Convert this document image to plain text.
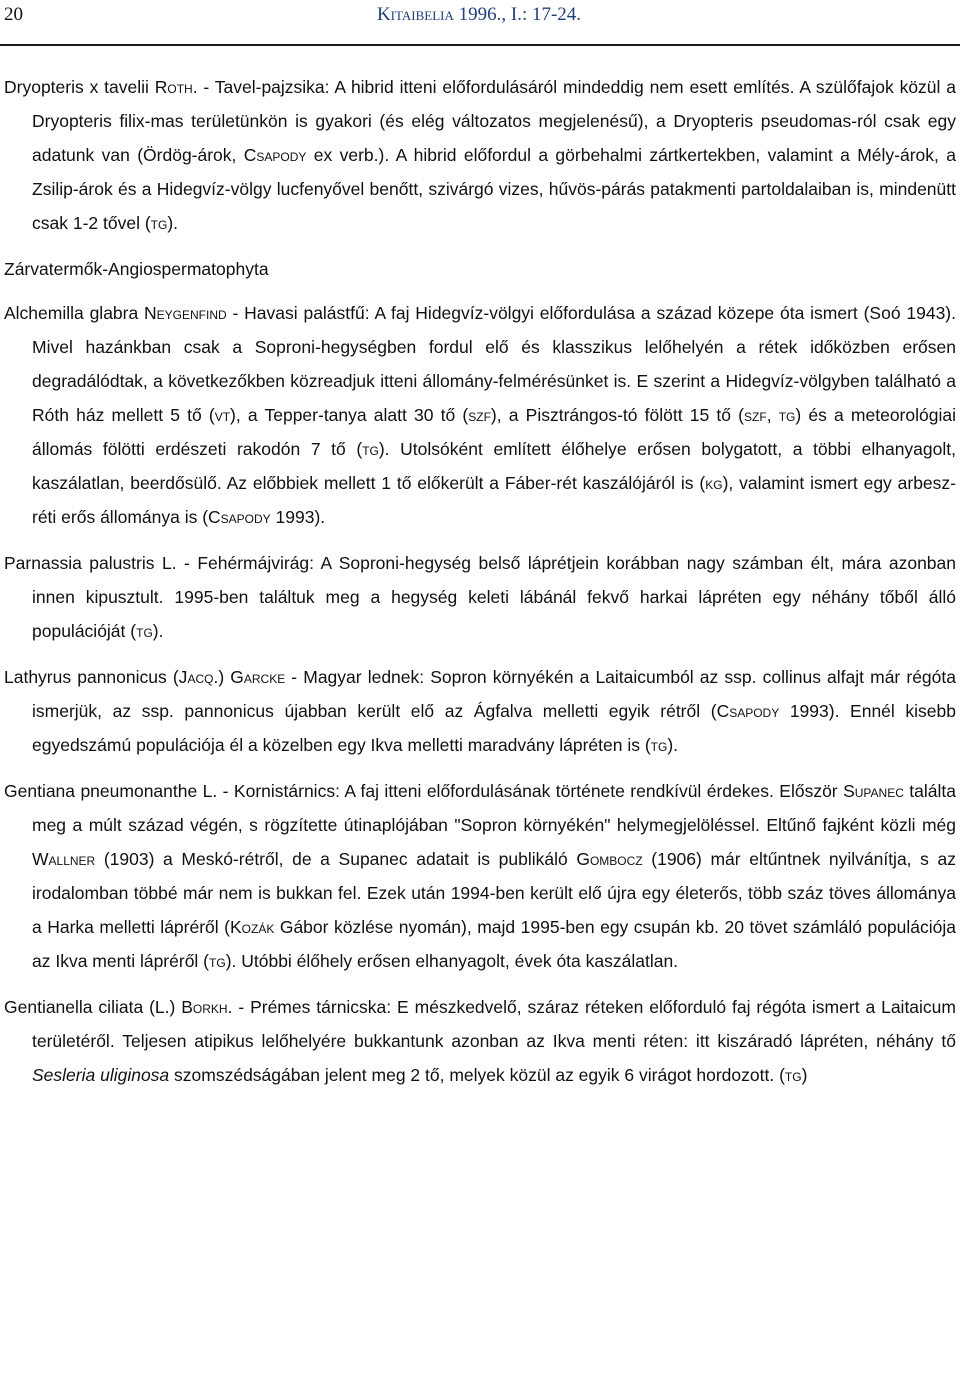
20	Kitaibelia 1996., I.: 17-24.

Dryopteris x tavelii Roth. - Tavel-pajzsika: A hibrid itteni előfordulásáról mindeddig nem esett említés. A szülőfajok közül a Dryopteris filix-mas területünkön is gyakori (és elég változatos megjelenésű), a Dryopteris pseudomas-ról csak egy adatunk van (Ördög-árok, Csapody ex verb.). A hibrid előfordul a görbehalmi zártkertekben, valamint a Mély-árok, a Zsilip-árok és a Hidegvíz-völgy lucfenyővel benőtt, szivárgó vizes, hűvös-párás patakmenti partoldalaiban is, mindenütt csak 1-2 tővel (tg).

Zárvatermők-Angiospermatophyta

Alchemilla glabra Neygenfind - Havasi palástfű: A faj Hidegvíz-völgyi előfordulása a század közepe óta ismert (Soó 1943). Mivel hazánkban csak a Soproni-hegységben fordul elő és klasszikus lelőhelyén a rétek időközben erősen degradálódtak, a következőkben közreadjuk itteni állomány-felmérésünket is. E szerint a Hidegvíz-völgyben található a Róth ház mellett 5 tő (vt), a Tepper-tanya alatt 30 tő (szf), a Pisztrángos-tó fölött 15 tő (szf, tg) és a meteorológiai állomás fölötti erdészeti rakodón 7 tő (tg). Utolsóként említett élőhelye erősen bolygatott, a többi elhanyagolt, kaszálatlan, beerdősülő. Az előbbiek mellett 1 tő előkerült a Fáber-rét kaszálójáról is (kg), valamint ismert egy arbesz-réti erős állománya is (Csapody 1993).

Parnassia palustris L. - Fehérmájvirág: A Soproni-hegység belső láprétjein korábban nagy számban élt, mára azonban innen kipusztult. 1995-ben találtuk meg a hegység keleti lábánál fekvő harkai lápréten egy néhány tőből álló populációját (tg).

Lathyrus pannonicus (Jacq.) Garcke - Magyar lednek: Sopron környékén a Laitaicumból az ssp. collinus alfajt már régóta ismerjük, az ssp. pannonicus újabban került elő az Ágfalva melletti egyik rétről (Csapody 1993). Ennél kisebb egyedszámú populációja él a közelben egy Ikva melletti maradvány lápréten is (tg).

Gentiana pneumonanthe L. - Kornistárnics: A faj itteni előfordulásának története rendkívül érdekes. Először Supanec találta meg a múlt század végén, s rögzítette útinaplójában "Sopron környékén" helymegjelöléssel. Eltűnő fajként közli még Wallner (1903) a Meskó-rétről, de a Supanec adatait is publikáló Gombocz (1906) már eltűntnek nyilvánítja, s az irodalomban többé már nem is bukkan fel. Ezek után 1994-ben került elő újra egy életerős, több száz töves állománya a Harka melletti lápréről (Kozák Gábor közlése nyomán), majd 1995-ben egy csupán kb. 20 tövet számláló populációja az Ikva menti lápréről (tg). Utóbbi élőhely erősen elhanyagolt, évek óta kaszálatlan.

Gentianella ciliata (L.) Borkh. - Prémes tárnicska: E mészkedvelő, száraz réteken előforduló faj régóta ismert a Laitaicum területéről. Teljesen atipikus lelőhelyére bukkantunk azonban az Ikva menti réten: itt kiszáradó lápréten, néhány tő Sesleria uliginosa szomszédságában jelent meg 2 tő, melyek közül az egyik 6 virágot hordozott. (tg)
